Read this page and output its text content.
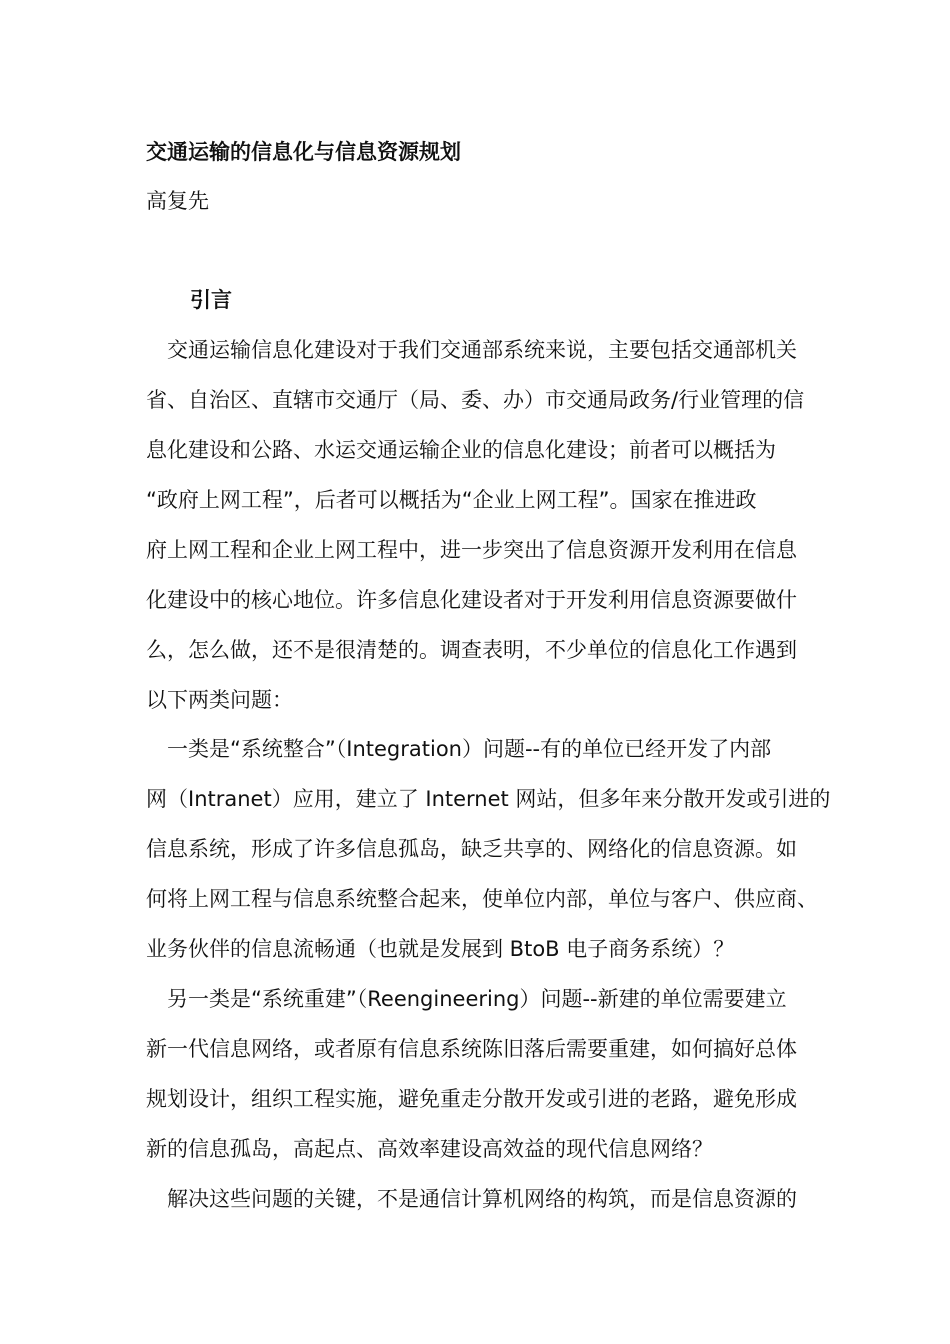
交通运输的信息化与信息资源规划
高复先
引言
　交通运输信息化建设对于我们交通部系统来说，主要包括交通部机关
省、自治区、直辖市交通厅（局、委、办）市交通局政务/行业管理的信
息化建设和公路、水运交通运输企业的信息化建设；前者可以概括为
“政府上网工程”，后者可以概括为“企业上网工程”。国家在推进政
府上网工程和企业上网工程中，进一步突出了信息资源开发利用在信息
化建设中的核心地位。许多信息化建设者对于开发利用信息资源要做什
么，怎么做，还不是很清楚的。调查表明，不少单位的信息化工作遇到
以下两类问题：
　一类是“系统整合”（Integration）问题--有的单位已经开发了内部
网（Intranet）应用，建立了 Internet 网站，但多年来分散开发或引进的
信息系统，形成了许多信息孤岛，缺乏共享的、网络化的信息资源。如
何将上网工程与信息系统整合起来，使单位内部，单位与客户、供应商、
业务伙伴的信息流畅通（也就是发展到 BtoB 电子商务系统）？
　另一类是“系统重建”（Reengineering）问题--新建的单位需要建立
新一代信息网络，或者原有信息系统陈旧落后需要重建，如何搞好总体
规划设计，组织工程实施，避免重走分散开发或引进的老路，避免形成
新的信息孤岛，高起点、高效率建设高效益的现代信息网络？
　解决这些问题的关键，不是通信计算机网络的构筑，而是信息资源的
